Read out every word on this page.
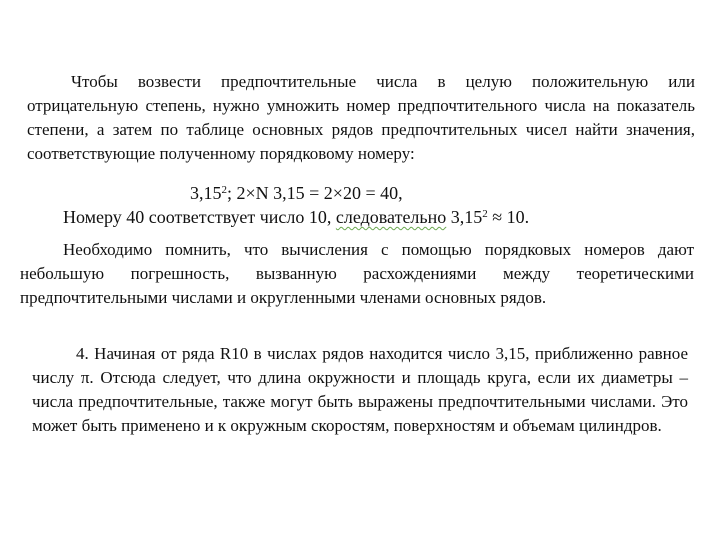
Чтобы возвести предпочтительные числа в целую положительную или отрицательную степень, нужно умножить номер предпочтительного числа на показатель степени, а затем по таблице основных рядов предпочтительных чисел найти значения, соответствующие полученному порядковому номеру:
3,15$^2$; 2×N 3,15 = 2×20 = 40,
Номеру 40 соответствует число 10, следовательно $3,15^2 \approx 10$.
Необходимо помнить, что вычисления с помощью порядковых номеров дают небольшую погрешность, вызванную расхождениями между теоретическими предпочтительными числами и округленными членами основных рядов.
4. Начиная от ряда R10 в числах рядов находится число 3,15, приближенно равное числу π. Отсюда следует, что длина окружности и площадь круга, если их диаметры – числа предпочтительные, также могут быть выражены предпочтительными числами. Это может быть применено и к окружным скоростям, поверхностям и объемам цилиндров.
